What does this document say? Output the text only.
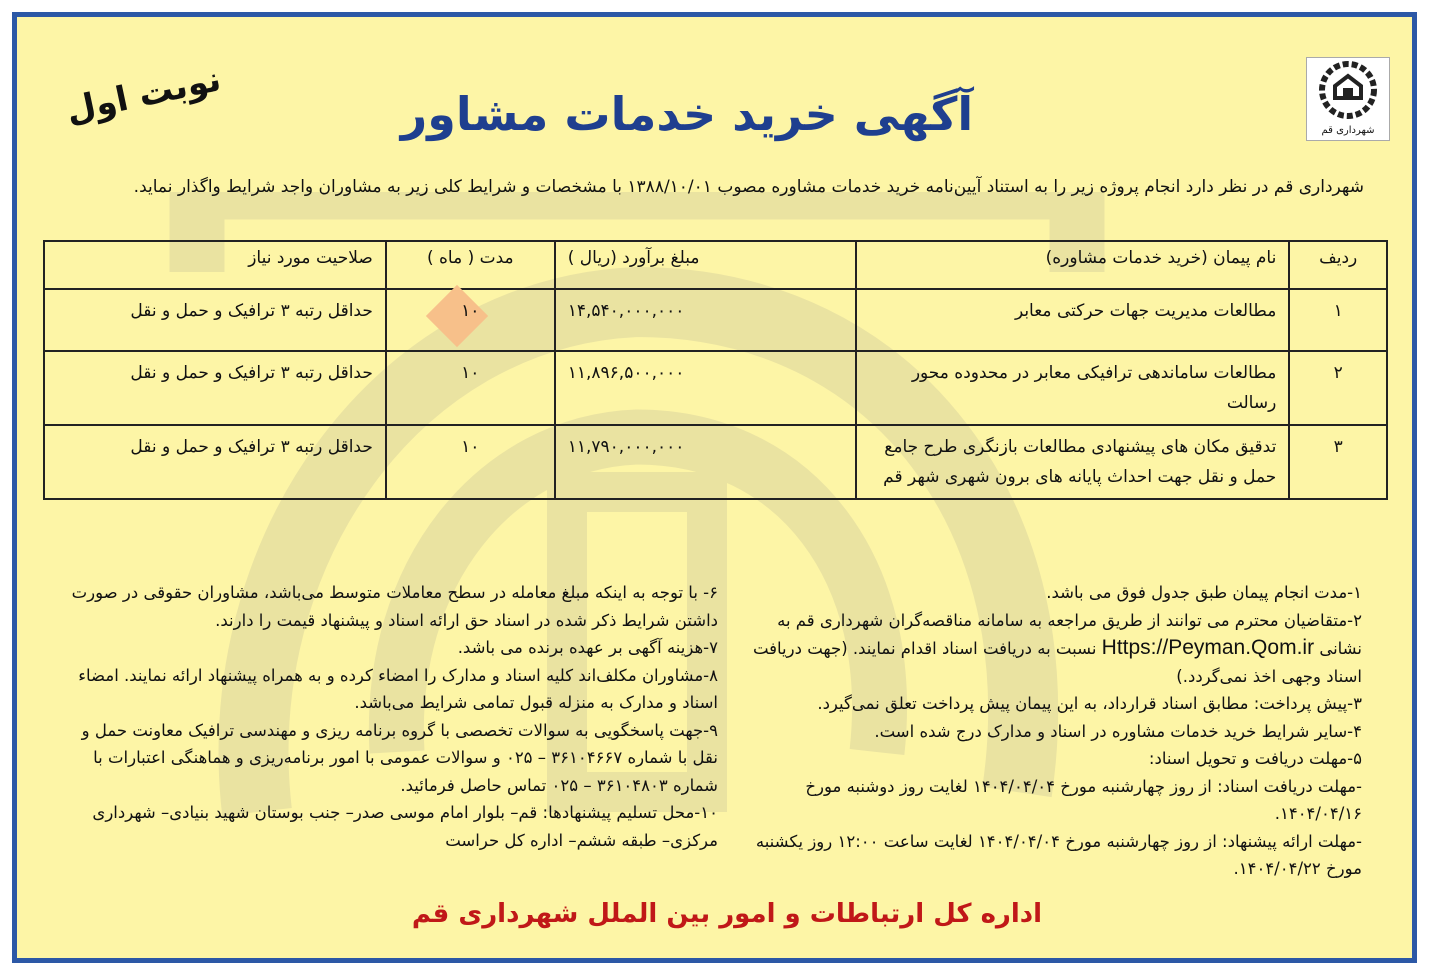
شهرداری قم
نوبت اول	آگهی خرید خدمات مشاور
شهرداری قم در نظر دارد انجام پروژه زیر را به استناد آیین‌نامه خرید خدمات مشاوره مصوب ۱۳۸۸/۱۰/۰۱ با مشخصات و شرایط کلی زیر به مشاوران واجد شرایط واگذار نماید.
ردیف	نام پیمان (خرید خدمات مشاوره)	مبلغ برآورد (ریال )	مدت ( ماه )	صلاحیت مورد نیاز
۱	مطالعات مدیریت جهات حرکتی معابر	۱۴,۵۴۰,۰۰۰,۰۰۰	۱۰	حداقل رتبه ۳ ترافیک و حمل و نقل
۲	مطالعات ساماندهی ترافیکی معابر در محدوده محور رسالت	۱۱,۸۹۶,۵۰۰,۰۰۰	۱۰	حداقل رتبه ۳ ترافیک و حمل و نقل
۳	تدقیق مکان های پیشنهادی مطالعات بازنگری طرح جامع حمل و نقل جهت احداث پایانه های برون شهری شهر قم	۱۱,۷۹۰,۰۰۰,۰۰۰	۱۰	حداقل رتبه ۳ ترافیک و حمل و نقل

۱-مدت انجام پیمان طبق جدول فوق می باشد.

۲-متقاضیان محترم می توانند از طریق مراجعه به سامانه مناقصه‌گران شهرداری قم به نشانی Https://Peyman.Qom.ir نسبت به دریافت اسناد اقدام نمایند. (جهت دریافت اسناد وجهی اخذ نمی‌گردد.)

۳-پیش پرداخت: مطابق اسناد قرارداد، به این پیمان پیش پرداخت تعلق نمی‌گیرد.

۴-سایر شرایط خرید خدمات مشاوره در اسناد و مدارک درج شده است.

۵-مهلت دریافت و تحویل اسناد:

-مهلت دریافت اسناد: از روز چهارشنبه مورخ ۱۴۰۴/۰۴/۰۴ لغایت روز دوشنبه مورخ ۱۴۰۴/۰۴/۱۶.

-مهلت ارائه پیشنهاد: از روز چهارشنبه مورخ ۱۴۰۴/۰۴/۰۴ لغایت ساعت ۱۲:۰۰ روز یکشنبه مورخ ۱۴۰۴/۰۴/۲۲.

۶- با توجه به اینکه مبلغ معامله در سطح معاملات متوسط می‌باشد، مشاوران حقوقی در صورت داشتن شرایط ذکر شده در اسناد حق ارائه اسناد و پیشنهاد قیمت را دارند.

۷-هزینه آگهی بر عهده برنده می باشد.

۸-مشاوران مکلف‌اند کلیه اسناد و مدارک را امضاء کرده و به همراه پیشنهاد ارائه نمایند. امضاء اسناد و مدارک به منزله قبول تمامی شرایط می‌باشد.

۹-جهت پاسخگویی به سوالات تخصصی با گروه برنامه ریزی و مهندسی ترافیک معاونت حمل و نقل با شماره ۳۶۱۰۴۶۶۷ – ۰۲۵ و سوالات عمومی با امور برنامه‌ریزی و هماهنگی اعتبارات با شماره ۳۶۱۰۴۸۰۳ – ۰۲۵ تماس حاصل فرمائید.

۱۰-محل تسلیم پیشنهادها: قم– بلوار امام موسی صدر– جنب بوستان شهید بنیادی– شهرداری مرکزی– طبقه ششم– اداره کل حراست

اداره کل ارتباطات و امور بین الملل شهرداری قم
